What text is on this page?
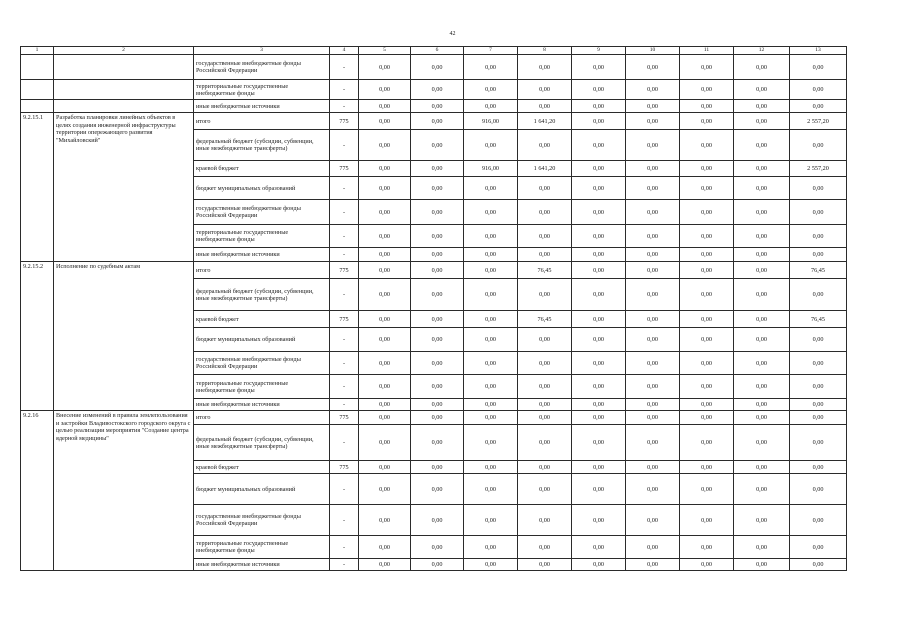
42
1	2	3	4	5	6	7	8	9	10	11	12	13
		государственные внебюджетные фонды Российской Федерации	-	0,00	0,00	0,00	0,00	0,00	0,00	0,00	0,00	0,00
		территориальные государственные внебюджетные фонды	-	0,00	0,00	0,00	0,00	0,00	0,00	0,00	0,00	0,00
		иные внебюджетные источники	-	0,00	0,00	0,00	0,00	0,00	0,00	0,00	0,00	0,00
9.2.15.1	Разработка планировки линейных объектов в целях создания инженерной инфраструктуры территории опережающего развития "Михайловский"	итого	775	0,00	0,00	916,00	1 641,20	0,00	0,00	0,00	0,00	2 557,20
		федеральный бюджет (субсидии, субвенции, иные межбюджетные трансферты)	-	0,00	0,00	0,00	0,00	0,00	0,00	0,00	0,00	0,00
		краевой бюджет	775	0,00	0,00	916,00	1 641,20	0,00	0,00	0,00	0,00	2 557,20
		бюджет муниципальных образований	-	0,00	0,00	0,00	0,00	0,00	0,00	0,00	0,00	0,00
		государственные внебюджетные фонды Российской Федерации	-	0,00	0,00	0,00	0,00	0,00	0,00	0,00	0,00	0,00
		территориальные государственные внебюджетные фонды	-	0,00	0,00	0,00	0,00	0,00	0,00	0,00	0,00	0,00
		иные внебюджетные источники	-	0,00	0,00	0,00	0,00	0,00	0,00	0,00	0,00	0,00
9.2.15.2	Исполнение по судебным актам	итого	775	0,00	0,00	0,00	76,45	0,00	0,00	0,00	0,00	76,45
		федеральный бюджет (субсидии, субвенции, иные межбюджетные трансферты)	-	0,00	0,00	0,00	0,00	0,00	0,00	0,00	0,00	0,00
		краевой бюджет	775	0,00	0,00	0,00	76,45	0,00	0,00	0,00	0,00	76,45
		бюджет муниципальных образований	-	0,00	0,00	0,00	0,00	0,00	0,00	0,00	0,00	0,00
		государственные внебюджетные фонды Российской Федерации	-	0,00	0,00	0,00	0,00	0,00	0,00	0,00	0,00	0,00
		территориальные государственные внебюджетные фонды	-	0,00	0,00	0,00	0,00	0,00	0,00	0,00	0,00	0,00
		иные внебюджетные источники	-	0,00	0,00	0,00	0,00	0,00	0,00	0,00	0,00	0,00
9.2.16	Внесение изменений в правила землепользования и застройки Владивостокского городского округа с целью реализации мероприятия "Создание центра ядерной медицины"	итого	775	0,00	0,00	0,00	0,00	0,00	0,00	0,00	0,00	0,00
		федеральный бюджет (субсидии, субвенции, иные межбюджетные трансферты)	-	0,00	0,00	0,00	0,00	0,00	0,00	0,00	0,00	0,00
		краевой бюджет	775	0,00	0,00	0,00	0,00	0,00	0,00	0,00	0,00	0,00
		бюджет муниципальных образований	-	0,00	0,00	0,00	0,00	0,00	0,00	0,00	0,00	0,00
		государственные внебюджетные фонды Российской Федерации	-	0,00	0,00	0,00	0,00	0,00	0,00	0,00	0,00	0,00
		территориальные государственные внебюджетные фонды	-	0,00	0,00	0,00	0,00	0,00	0,00	0,00	0,00	0,00
		иные внебюджетные источники	-	0,00	0,00	0,00	0,00	0,00	0,00	0,00	0,00	0,00
